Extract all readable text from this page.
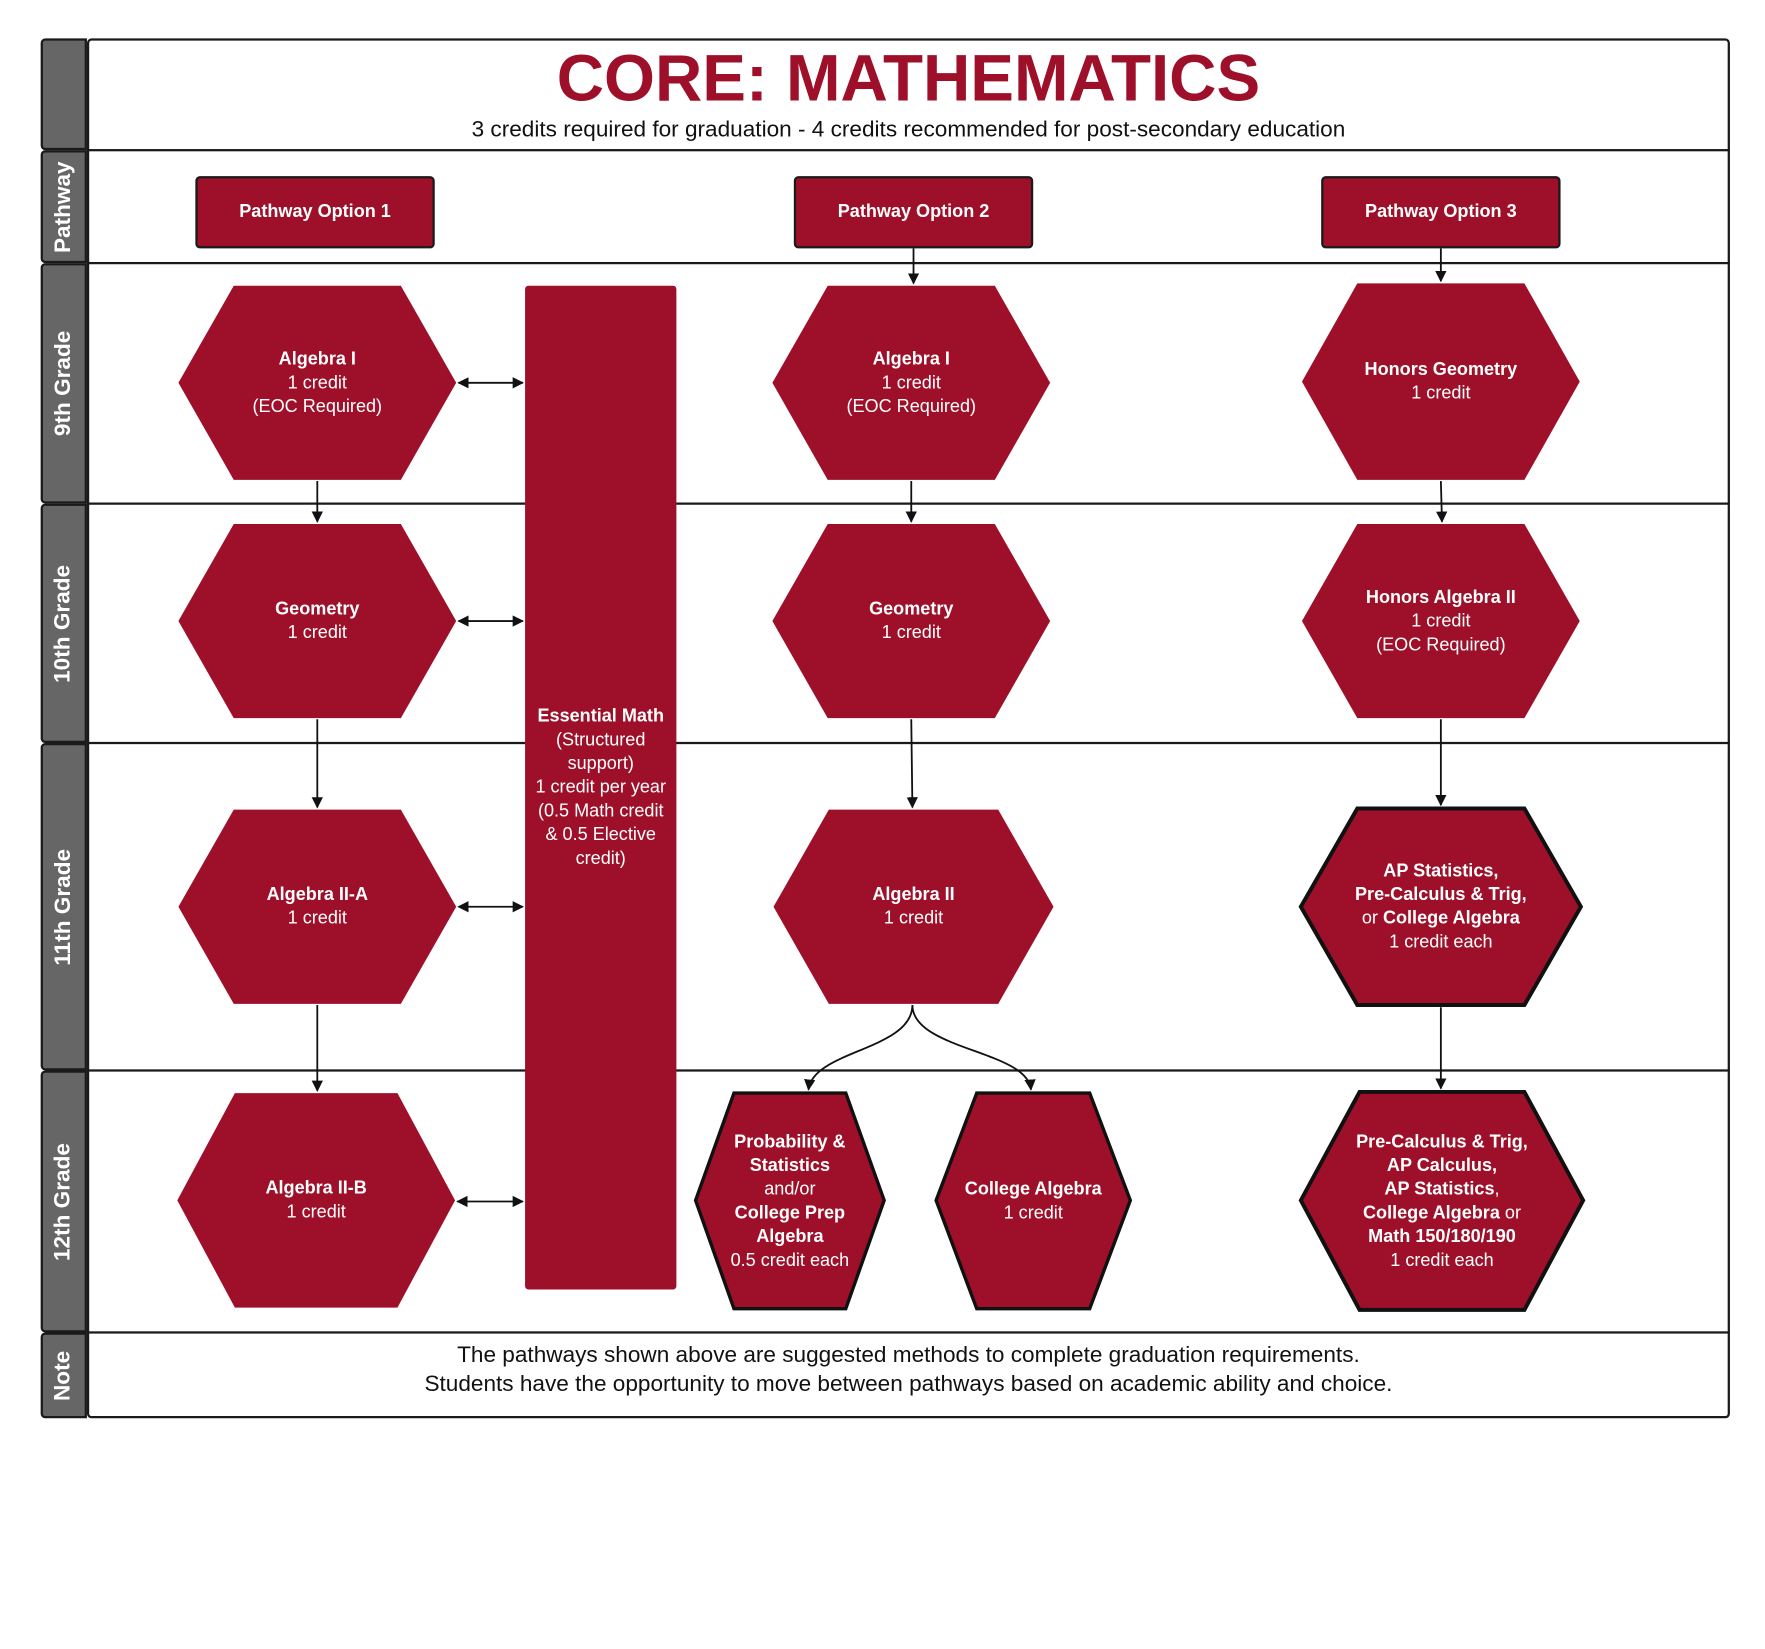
Pathway
9th Grade
10th Grade
11th Grade
12th Grade
Note
CORE: MATHEMATICS
3 credits required for graduation - 4 credits recommended for post-secondary education
Pathway Option 1	Pathway Option 2	Pathway Option 3
Essential Math
(Structured
support)
1 credit per year
(0.5 Math credit
& 0.5 Elective
credit)
Algebra I
1 credit
(EOC Required)
Geometry
1 credit
Algebra II-A
1 credit
Algebra II-B
1 credit
Algebra I
1 credit
(EOC Required)
Geometry
1 credit
Algebra II
1 credit
Probability &
Statistics
and/or
College Prep
Algebra
0.5 credit each
College Algebra
1 credit
Honors Geometry
1 credit
Honors Algebra II
1 credit
(EOC Required)
AP Statistics,
Pre-Calculus & Trig,
or College Algebra
1 credit each
Pre-Calculus & Trig,
AP Calculus,
AP Statistics,
College Algebra or
Math 150/180/190
1 credit each
The pathways shown above are suggested methods to complete graduation requirements.
Students have the opportunity to move between pathways based on academic ability and choice.
